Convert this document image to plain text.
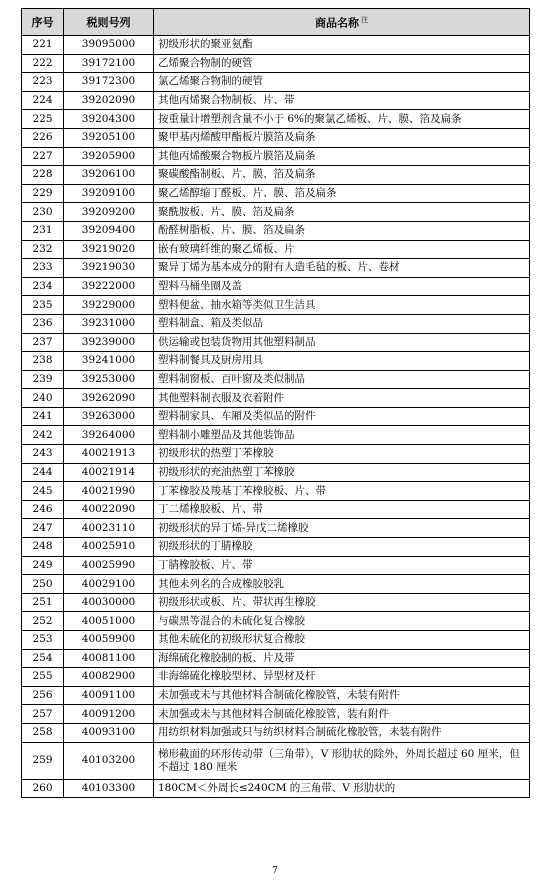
序号	税则号列	商品名称 $^注$
221	39095000	初级形状的聚亚氨酯
222	39172100	乙烯聚合物制的硬管
223	39172300	氯乙烯聚合物制的硬管
224	39202090	其他丙烯聚合物制板、片、带
225	39204300	按重量计增塑剂含量不小于 6%的聚氯乙烯板、片、膜、箔及扁条
226	39205100	聚甲基丙烯酸甲酯板片膜箔及扁条
227	39205900	其他丙烯酸聚合物板片膜箔及扁条
228	39206100	聚碳酸酯制板、片、膜、箔及扁条
229	39209100	聚乙烯醇缩丁醛板、片、膜、箔及扁条
230	39209200	聚酰胺板、片、膜、箔及扁条
231	39209400	酚醛树脂板、片、膜、箔及扁条
232	39219020	嵌有玻璃纤维的聚乙烯板、片
233	39219030	聚异丁烯为基本成分的附有人造毛毡的板、片、卷材
234	39222000	塑料马桶坐圈及盖
235	39229000	塑料便盆、抽水箱等类似卫生洁具
236	39231000	塑料制盒、箱及类似品
237	39239000	供运输或包装货物用其他塑料制品
238	39241000	塑料制餐具及厨房用具
239	39253000	塑料制窗板、百叶窗及类似制品
240	39262090	其他塑料制衣服及衣着附件
241	39263000	塑料制家具、车厢及类似品的附件
242	39264000	塑料制小雕塑品及其他装饰品
243	40021913	初级形状的热塑丁苯橡胶
244	40021914	初级形状的充油热塑丁苯橡胶
245	40021990	丁苯橡胶及羧基丁苯橡胶板、片、带
246	40022090	丁二烯橡胶板、片、带
247	40023110	初级形状的异丁烯-异戊二烯橡胶
248	40025910	初级形状的丁腈橡胶
249	40025990	丁腈橡胶板、片、带
250	40029100	其他未列名的合成橡胶胶乳
251	40030000	初级形状或板、片、带状再生橡胶
252	40051000	与碳黑等混合的未硫化复合橡胶
253	40059900	其他未硫化的初级形状复合橡胶
254	40081100	海绵硫化橡胶制的板、片及带
255	40082900	非海绵硫化橡胶型材、异型材及杆
256	40091100	未加强或未与其他材料合制硫化橡胶管，未装有附件
257	40091200	未加强或未与其他材料合制硫化橡胶管，装有附件
258	40093100	用纺织材料加强或只与纺织材料合制硫化橡胶管，未装有附件
259	40103200	梯形截面的环形传动带（三角带），V 形肋状的除外，外周长超过 60 厘米，但不超过 180 厘米
260	40103300	180CM＜外周长≤240CM 的三角带、V 形肋状的
7
